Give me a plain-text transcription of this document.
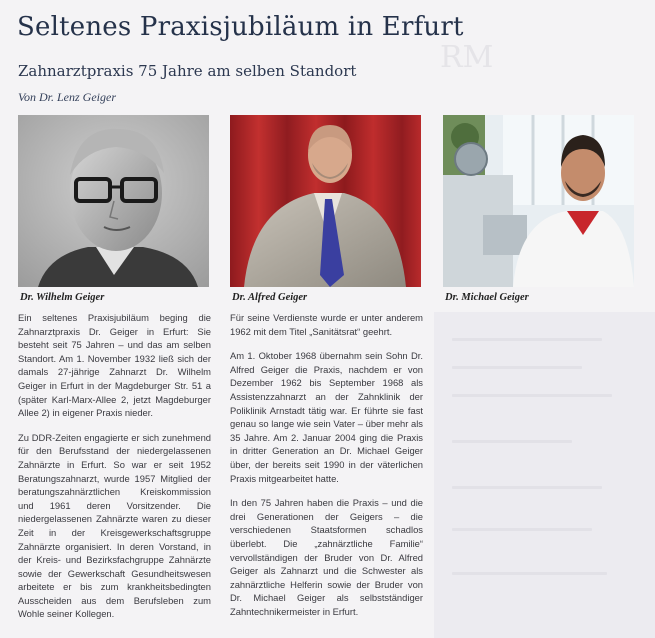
RM
Seltenes Praxisjubiläum in Erfurt
Zahnarztpraxis 75 Jahre am selben Standort
Von Dr. Lenz Geiger
Dr. Wilhelm Geiger	Dr. Alfred Geiger	Dr. Michael Geiger

Ein seltenes Praxisjubiläum beging die Zahnarztpraxis Dr. Geiger in Erfurt: Sie besteht seit 75 Jahren – und das am selben Standort. Am 1. November 1932 ließ sich der damals 27-jährige Zahnarzt Dr. Wilhelm Geiger in Erfurt in der Magdeburger Str. 51 a (später Karl-Marx-Allee 2, jetzt Magdeburger Allee 2) in eigener Praxis nieder.

Zu DDR-Zeiten engagierte er sich zunehmend für den Berufsstand der niedergelassenen Zahnärzte in Erfurt. So war er seit 1952 Beratungszahnarzt, wurde 1957 Mitglied der beratungszahnärztlichen Kreiskommission und 1961 deren Vorsitzender. Die niedergelassenen Zahnärzte waren zu dieser Zeit in der Kreisgewerkschaftsgruppe Zahnärzte organisiert. In deren Vorstand, in der Kreis- und Bezirksfachgruppe Zahnärzte sowie der Gewerkschaft Gesundheitswesen arbeitete er bis zum krankheitsbedingten Ausscheiden aus dem Berufsleben zum Wohle seiner Kollegen.

Für seine Verdienste wurde er unter anderem 1962 mit dem Titel „Sanitätsrat“ geehrt.

Am 1. Oktober 1968 übernahm sein Sohn Dr. Alfred Geiger die Praxis, nachdem er von Dezember 1962 bis September 1968 als Assistenzzahnarzt an der Zahnklinik der Poliklinik Arnstadt tätig war. Er führte sie fast genau so lange wie sein Vater – über mehr als 35 Jahre. Am 2. Januar 2004 ging die Praxis in dritter Generation an Dr. Michael Geiger über, der bereits seit 1990 in der väterlichen Praxis mitgearbeitet hatte.

In den 75 Jahren haben die Praxis – und die drei Generationen der Geigers – die verschiedenen Staatsformen schadlos überlebt. Die „zahnärztliche Familie“ vervollständigen der Bruder von Dr. Alfred Geiger als Zahnarzt und die Schwester als zahnärztliche Helferin sowie der Bruder von Dr. Michael Geiger als selbstständiger Zahntechnikermeister in Erfurt.
